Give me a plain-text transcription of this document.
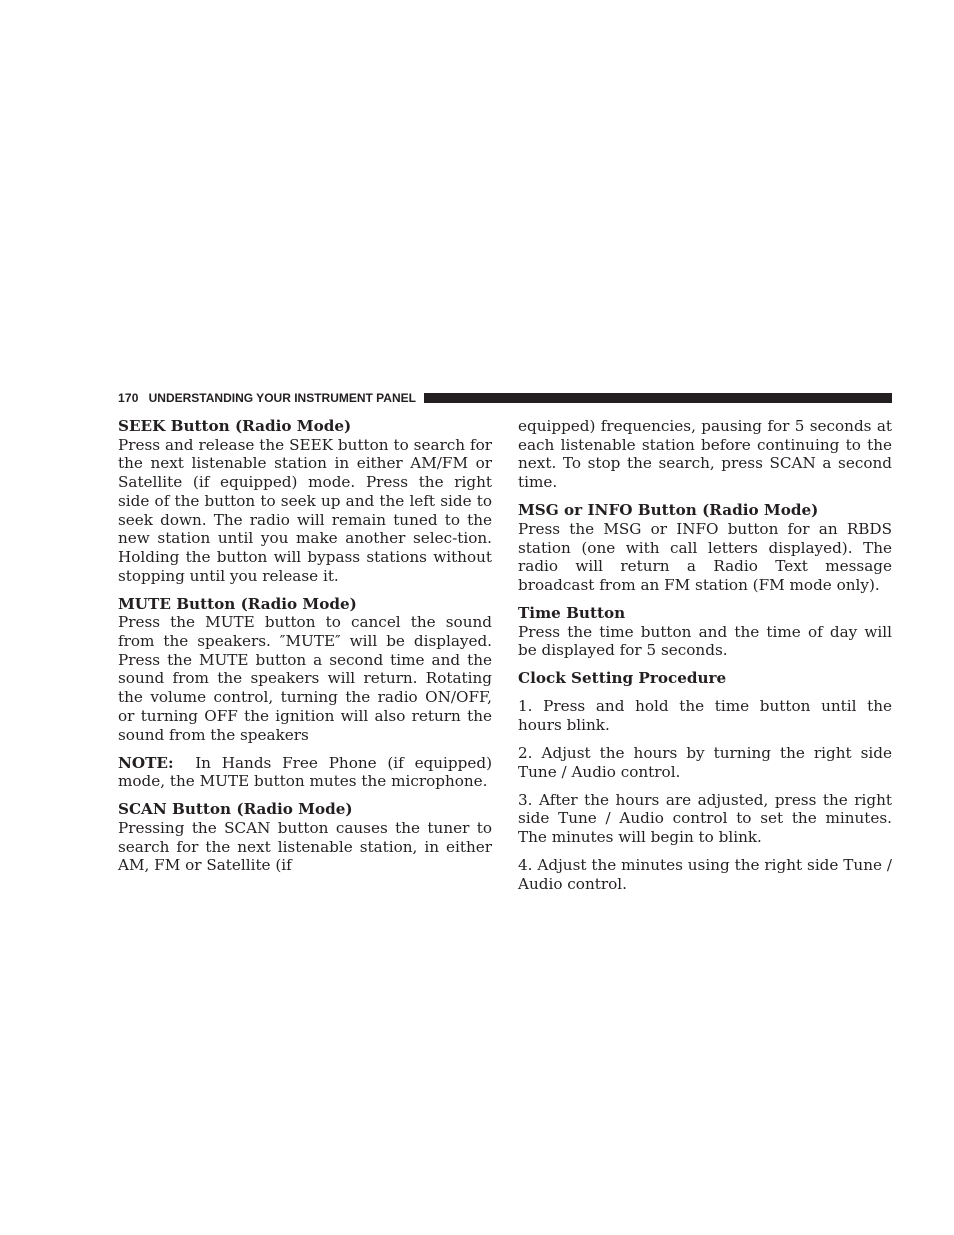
170 UNDERSTANDING YOUR INSTRUMENT PANEL
SEEK Button (Radio Mode)

Press and release the SEEK button to search for the next listenable station in either AM/FM or Satellite (if equipped) mode. Press the right side of the button to seek up and the left side to seek down. The radio will remain tuned to the new station until you make another selec-tion. Holding the button will bypass stations without stopping until you release it.

MUTE Button (Radio Mode)

Press the MUTE button to cancel the sound from the speakers. ″MUTE″ will be displayed. Press the MUTE button a second time and the sound from the speakers will return. Rotating the volume control, turning the radio ON/OFF, or turning OFF the ignition will also return the sound from the speakers

NOTE: In Hands Free Phone (if equipped) mode, the MUTE button mutes the microphone.

SCAN Button (Radio Mode)

Pressing the SCAN button causes the tuner to search for the next listenable station, in either AM, FM or Satellite (if

equipped) frequencies, pausing for 5 seconds at each listenable station before continuing to the next. To stop the search, press SCAN a second time.

MSG or INFO Button (Radio Mode)

Press the MSG or INFO button for an RBDS station (one with call letters displayed). The radio will return a Radio Text message broadcast from an FM station (FM mode only).

Time Button

Press the time button and the time of day will be displayed for 5 seconds.

Clock Setting Procedure

1. Press and hold the time button until the hours blink.

2. Adjust the hours by turning the right side Tune / Audio control.

3. After the hours are adjusted, press the right side Tune / Audio control to set the minutes. The minutes will begin to blink.

4. Adjust the minutes using the right side Tune / Audio control.
